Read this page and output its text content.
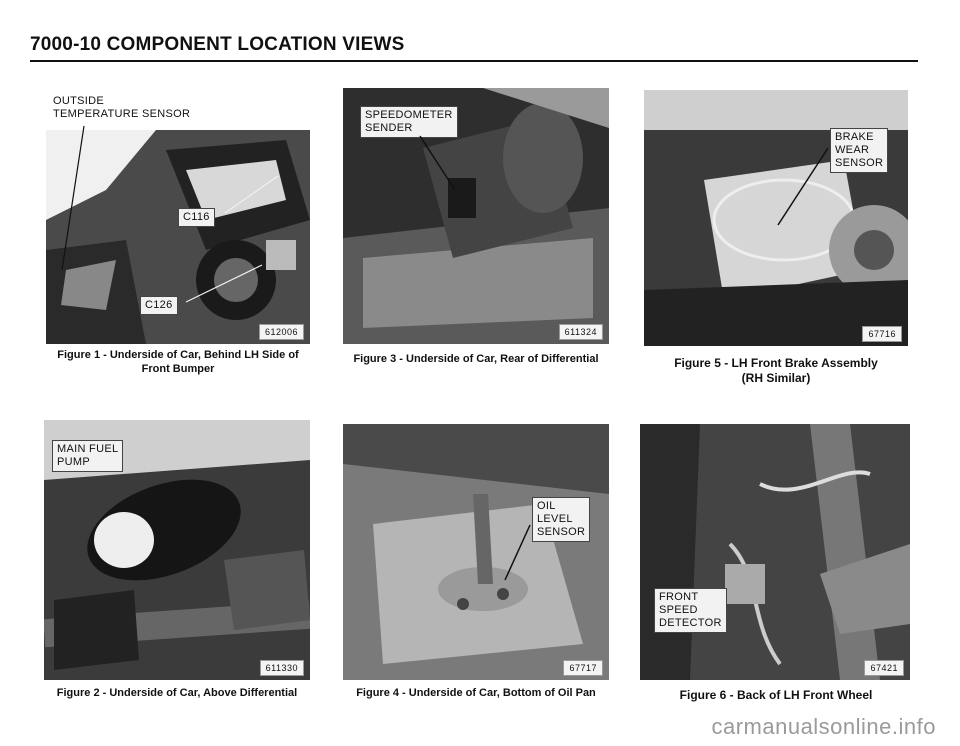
7000-10 COMPONENT LOCATION VIEWS
612006
OUTSIDE
TEMPERATURE SENSOR
C116
C126
Figure 1 - Underside of Car, Behind LH Side of
Front Bumper
611330
MAIN FUEL
PUMP
Figure 2 - Underside of Car, Above Differential
611324
SPEEDOMETER
SENDER
Figure 3 - Underside of Car, Rear of Differential
67717
OIL
LEVEL
SENSOR
Figure 4 - Underside of Car, Bottom of Oil Pan
67716
BRAKE
WEAR
SENSOR
Figure 5 - LH Front Brake Assembly
(RH Similar)
67421
FRONT
SPEED
DETECTOR
Figure 6 - Back of LH Front Wheel
carmanualsonline.info
